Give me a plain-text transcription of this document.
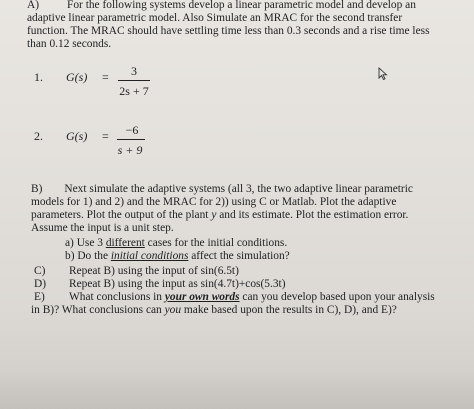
A) For the following systems develop a linear parametric model and develop an
adaptive linear parametric model. Also Simulate an MRAC for the second transfer
function. The MRAC should have settling time less than 0.3 seconds and a rise time less
than 0.12 seconds.
1. G(s) =	3
2s + 7
2. G(s) =	−6
s + 9
B) Next simulate the adaptive systems (all 3, the two adaptive linear parametric
models for 1) and 2) and the MRAC for 2)) using C or Matlab. Plot the adaptive
parameters. Plot the output of the plant y and its estimate. Plot the estimation error.
Assume the input is a unit step.
a) Use 3 different cases for the initial conditions.
b) Do the initial conditions affect the simulation?
C) Repeat B) using the input of sin(6.5t)
D) Repeat B) using the input as sin(4.7t)+cos(5.3t)
E) What conclusions in your own words can you develop based upon your analysis
in B)? What conclusions can you make based upon the results in C), D), and E)?
